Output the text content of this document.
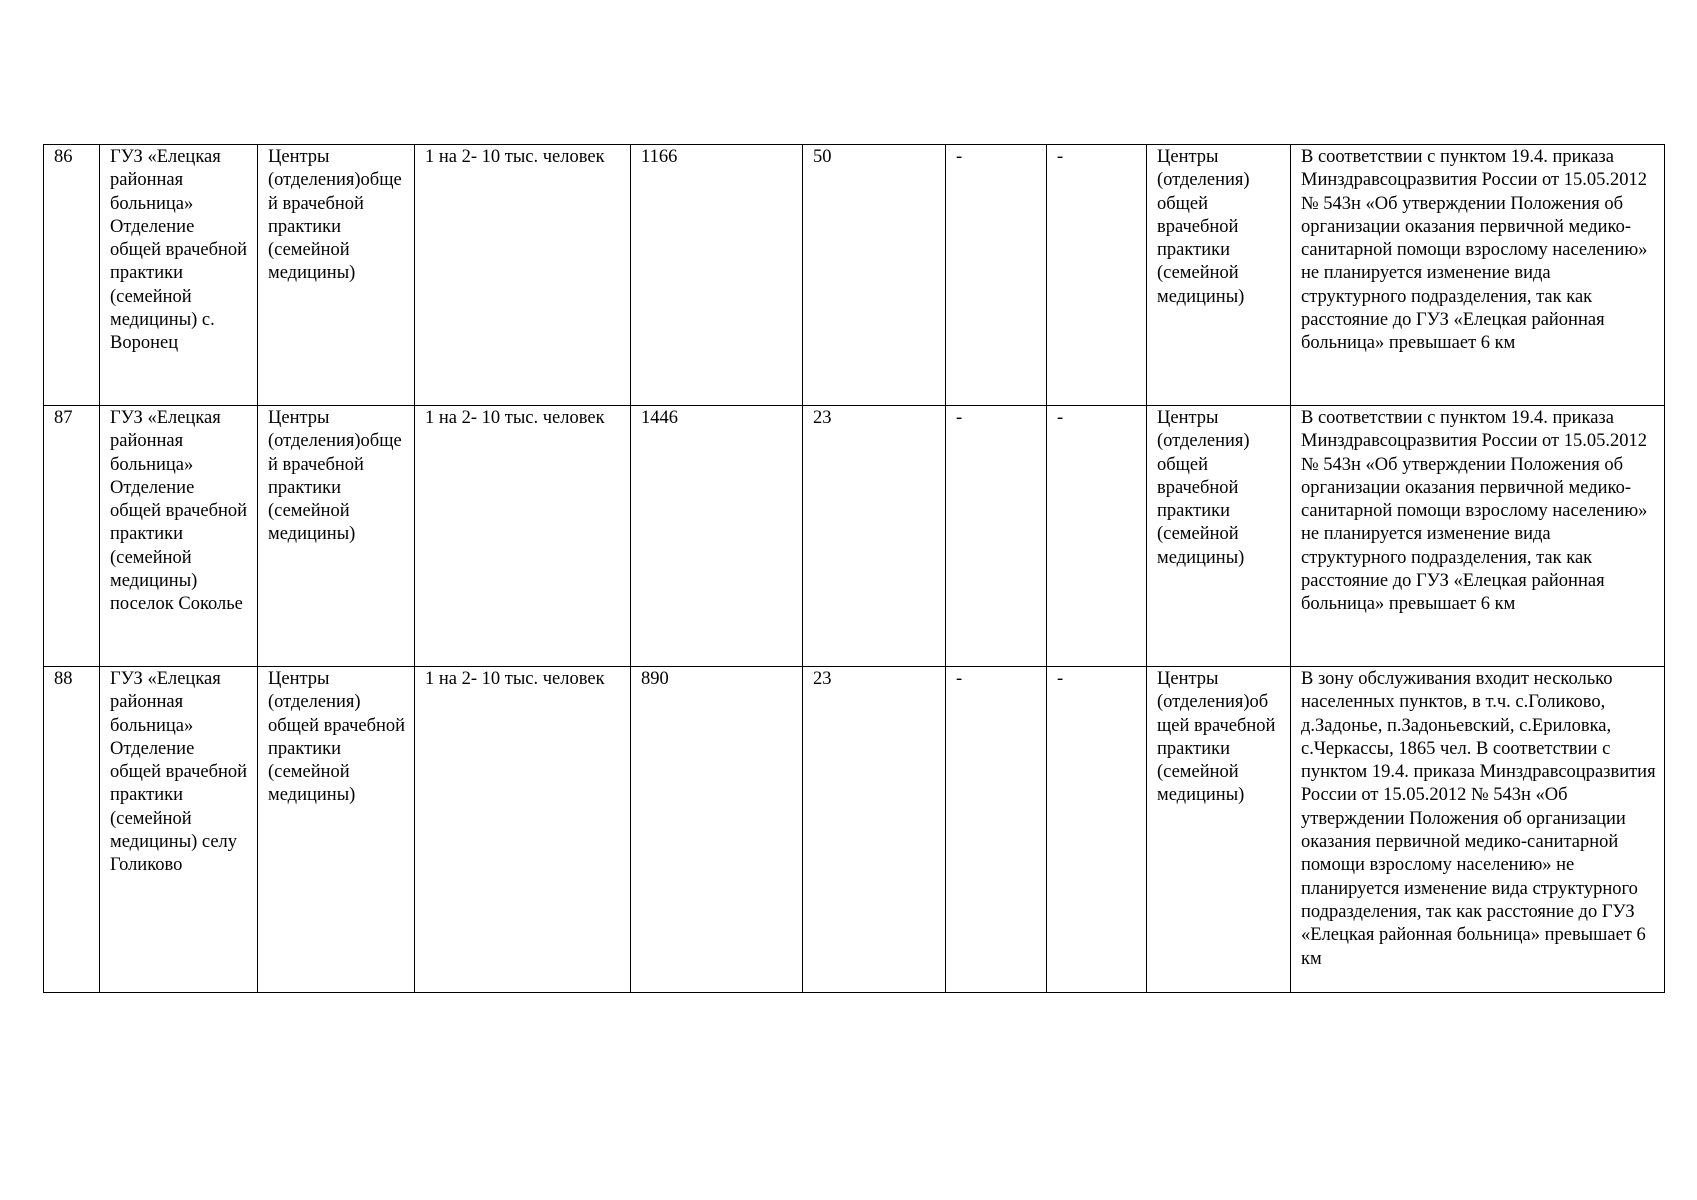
86	ГУЗ «Елецкая районная больница» Отделение общей врачебной практики (семейной медицины) с. Воронец	Центры (отделения)общей врачебной практики (семейной медицины)	1 на 2- 10 тыс. человек	1166	50	-	-	Центры (отделения) общей врачебной практики (семейной медицины)	В соответствии с пунктом 19.4. приказа Минздравсоцразвития России от 15.05.2012 № 543н «Об утверждении Положения об организации оказания первичной медико-санитарной помощи взрослому населению» не планируется изменение вида структурного подразделения, так как расстояние до ГУЗ «Елецкая районная больница» превышает 6 км
87	ГУЗ «Елецкая районная больница» Отделение общей врачебной практики (семейной медицины) поселок Соколье	Центры (отделения)общей врачебной практики (семейной медицины)	1 на 2- 10 тыс. человек	1446	23	-	-	Центры (отделения) общей врачебной практики (семейной медицины)	В соответствии с пунктом 19.4. приказа Минздравсоцразвития России от 15.05.2012 № 543н «Об утверждении Положения об организации оказания первичной медико-санитарной помощи взрослому населению» не планируется изменение вида структурного подразделения, так как расстояние до ГУЗ «Елецкая районная больница» превышает 6 км
88	ГУЗ «Елецкая районная больница» Отделение общей врачебной практики (семейной медицины) селу Голиково	Центры (отделения) общей врачебной практики (семейной медицины)	1 на 2- 10 тыс. человек	890	23	-	-	Центры (отделения)общей врачебной практики (семейной медицины)	В зону обслуживания входит несколько населенных пунктов, в т.ч. с.Голиково, д.Задонье, п.Задоньевский, с.Ериловка, с.Черкассы, 1865 чел. В соответствии с пунктом 19.4. приказа Минздравсоцразвития России от 15.05.2012 № 543н «Об утверждении Положения об организации оказания первичной медико-санитарной помощи взрослому населению» не планируется изменение вида структурного подразделения, так как расстояние до ГУЗ «Елецкая районная больница» превышает 6 км
